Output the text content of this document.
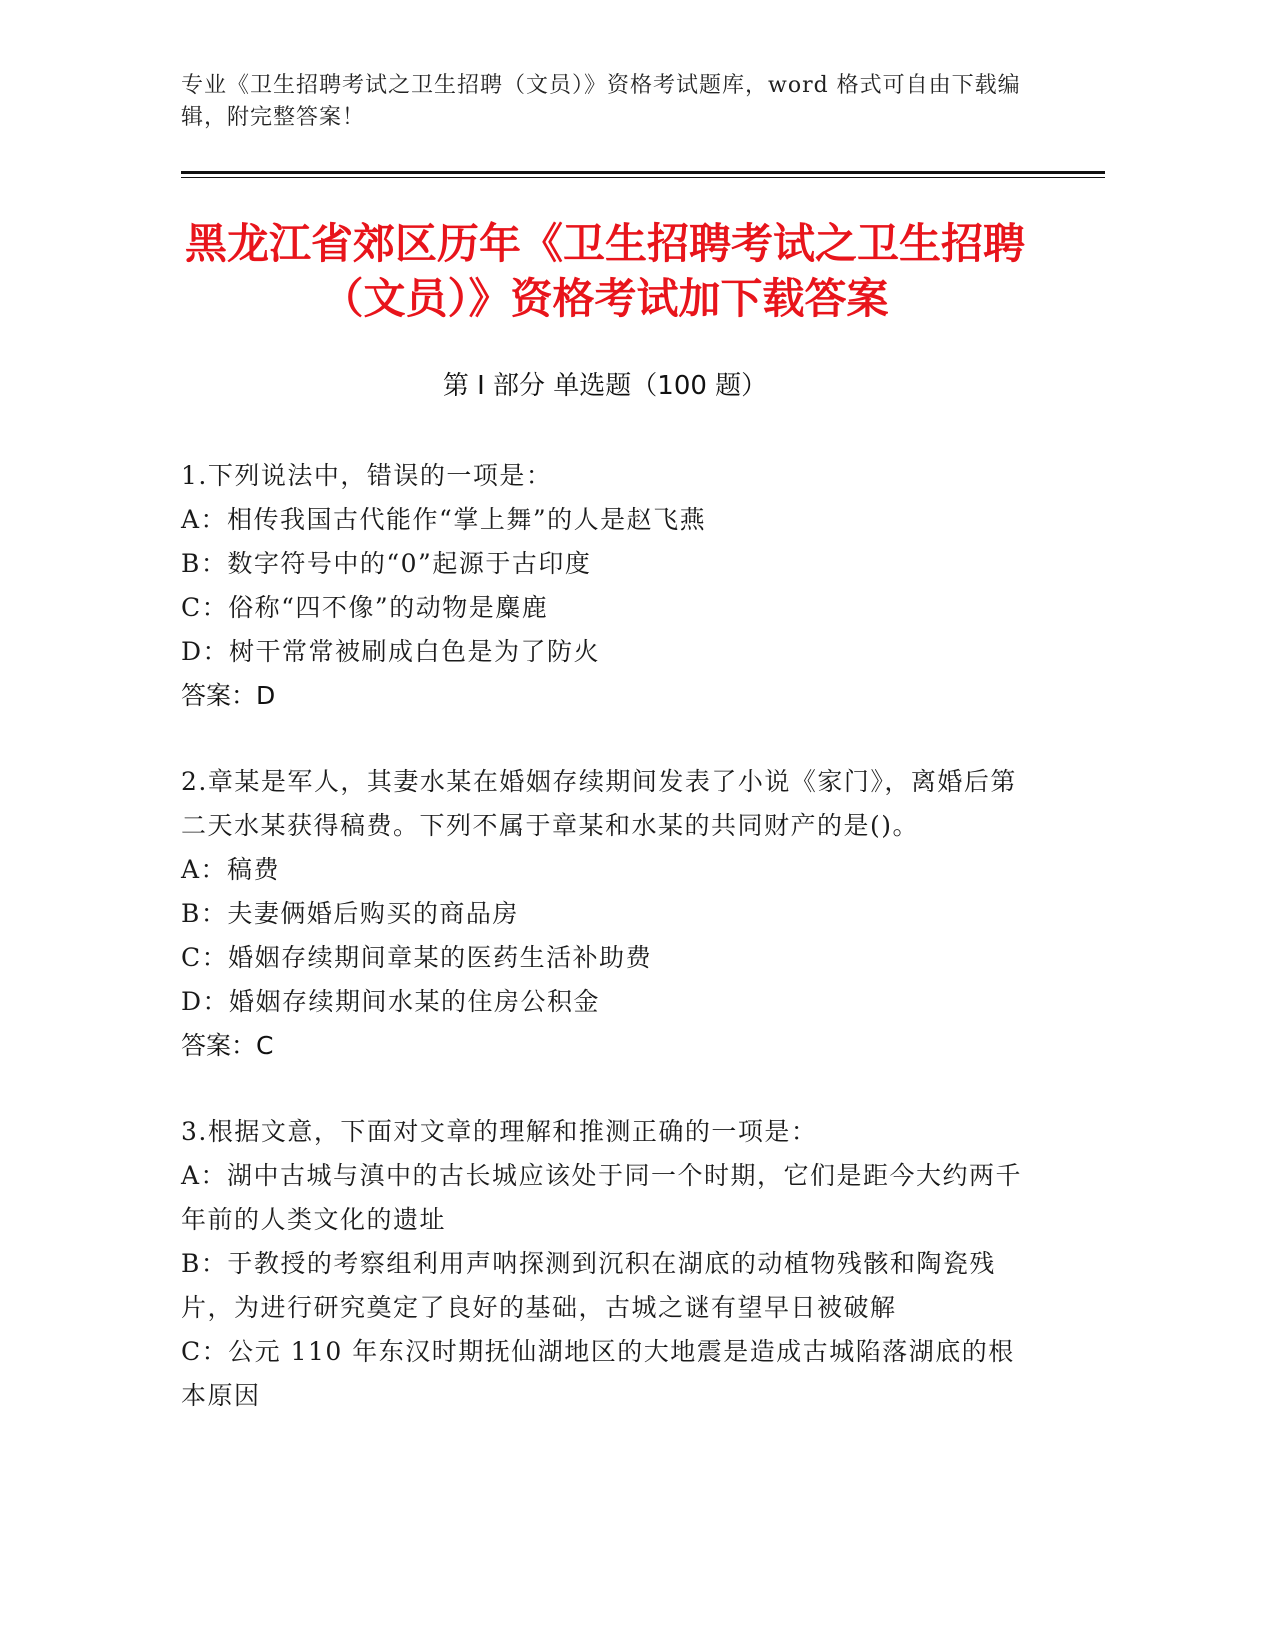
专业《卫生招聘考试之卫生招聘（文员）》资格考试题库，word 格式可自由下载编辑，附完整答案！
黑龙江省郊区历年《卫生招聘考试之卫生招聘（文员）》资格考试加下载答案
第 I 部分 单选题（100 题）
1.下列说法中，错误的一项是：
A：相传我国古代能作“掌上舞”的人是赵飞燕
B：数字符号中的“0”起源于古印度
C：俗称“四不像”的动物是麋鹿
D：树干常常被刷成白色是为了防火
答案：D
2.章某是军人，其妻水某在婚姻存续期间发表了小说《家门》，离婚后第二天水某获得稿费。下列不属于章某和水某的共同财产的是()。
A：稿费
B：夫妻俩婚后购买的商品房
C：婚姻存续期间章某的医药生活补助费
D：婚姻存续期间水某的住房公积金
答案：C
3.根据文意，下面对文章的理解和推测正确的一项是：
A：湖中古城与滇中的古长城应该处于同一个时期，它们是距今大约两千年前的人类文化的遗址
B：于教授的考察组利用声呐探测到沉积在湖底的动植物残骸和陶瓷残片，为进行研究奠定了良好的基础，古城之谜有望早日被破解
C：公元 110 年东汉时期抚仙湖地区的大地震是造成古城陷落湖底的根本原因
